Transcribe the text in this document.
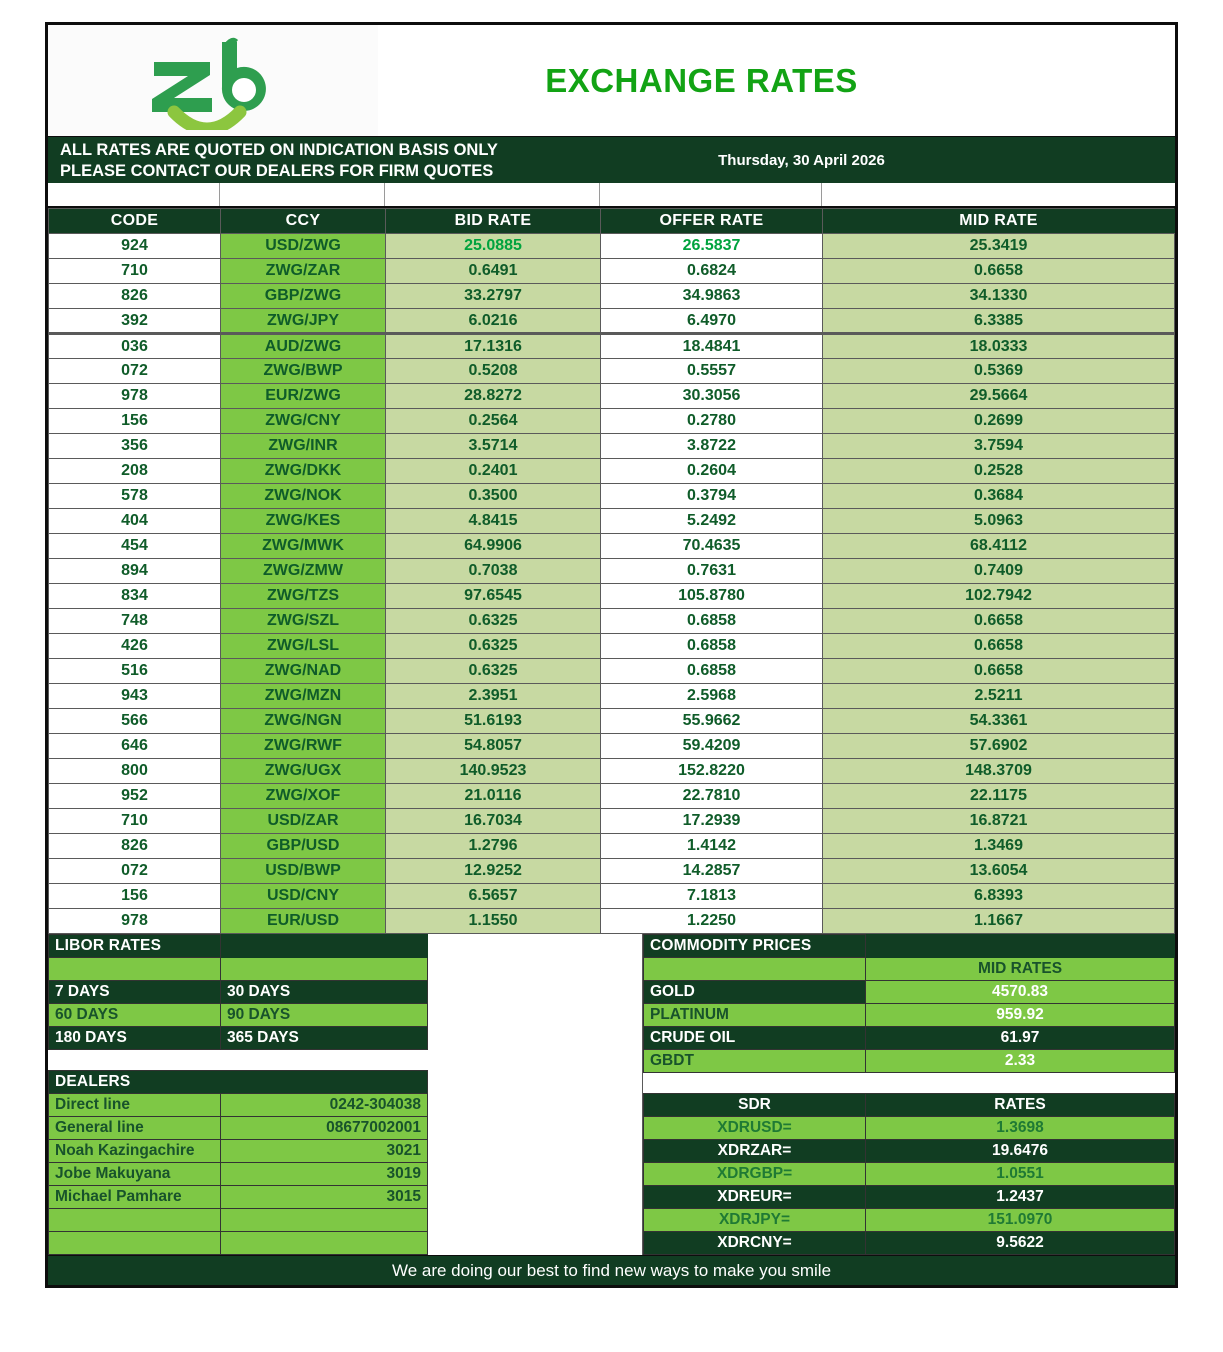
EXCHANGE RATES
ALL RATES ARE QUOTED ON INDICATION BASIS ONLY
PLEASE CONTACT OUR DEALERS FOR FIRM QUOTES
Thursday, 30 April 2026
CODE	CCY	BID RATE	OFFER RATE	MID RATE
924	USD/ZWG	25.0885	26.5837	25.3419
710	ZWG/ZAR	0.6491	0.6824	0.6658
826	GBP/ZWG	33.2797	34.9863	34.1330
392	ZWG/JPY	6.0216	6.4970	6.3385
036	AUD/ZWG	17.1316	18.4841	18.0333
072	ZWG/BWP	0.5208	0.5557	0.5369
978	EUR/ZWG	28.8272	30.3056	29.5664
156	ZWG/CNY	0.2564	0.2780	0.2699
356	ZWG/INR	3.5714	3.8722	3.7594
208	ZWG/DKK	0.2401	0.2604	0.2528
578	ZWG/NOK	0.3500	0.3794	0.3684
404	ZWG/KES	4.8415	5.2492	5.0963
454	ZWG/MWK	64.9906	70.4635	68.4112
894	ZWG/ZMW	0.7038	0.7631	0.7409
834	ZWG/TZS	97.6545	105.8780	102.7942
748	ZWG/SZL	0.6325	0.6858	0.6658
426	ZWG/LSL	0.6325	0.6858	0.6658
516	ZWG/NAD	0.6325	0.6858	0.6658
943	ZWG/MZN	2.3951	2.5968	2.5211
566	ZWG/NGN	51.6193	55.9662	54.3361
646	ZWG/RWF	54.8057	59.4209	57.6902
800	ZWG/UGX	140.9523	152.8220	148.3709
952	ZWG/XOF	21.0116	22.7810	22.1175
710	USD/ZAR	16.7034	17.2939	16.8721
826	GBP/USD	1.2796	1.4142	1.3469
072	USD/BWP	12.9252	14.2857	13.6054
156	USD/CNY	6.5657	7.1813	6.8393
978	EUR/USD	1.1550	1.2250	1.1667
LIBOR RATES	

7 DAYS	30 DAYS
60 DAYS	90 DAYS
180 DAYS	365 DAYS
DEALERS	
Direct line	0242-304038
General line	08677002001
Noah Kazingachire	3021
Jobe Makuyana	3019
Michael Pamhare	3015

COMMODITY PRICES	
	MID RATES
GOLD	4570.83
PLATINUM	959.92
CRUDE OIL	61.97
GBDT	2.33
SDR	RATES
XDRUSD=	1.3698
XDRZAR=	19.6476
XDRGBP=	1.0551
XDREUR=	1.2437
XDRJPY=	151.0970
XDRCNY=	9.5622
We are doing our best to find new ways to make you smile
